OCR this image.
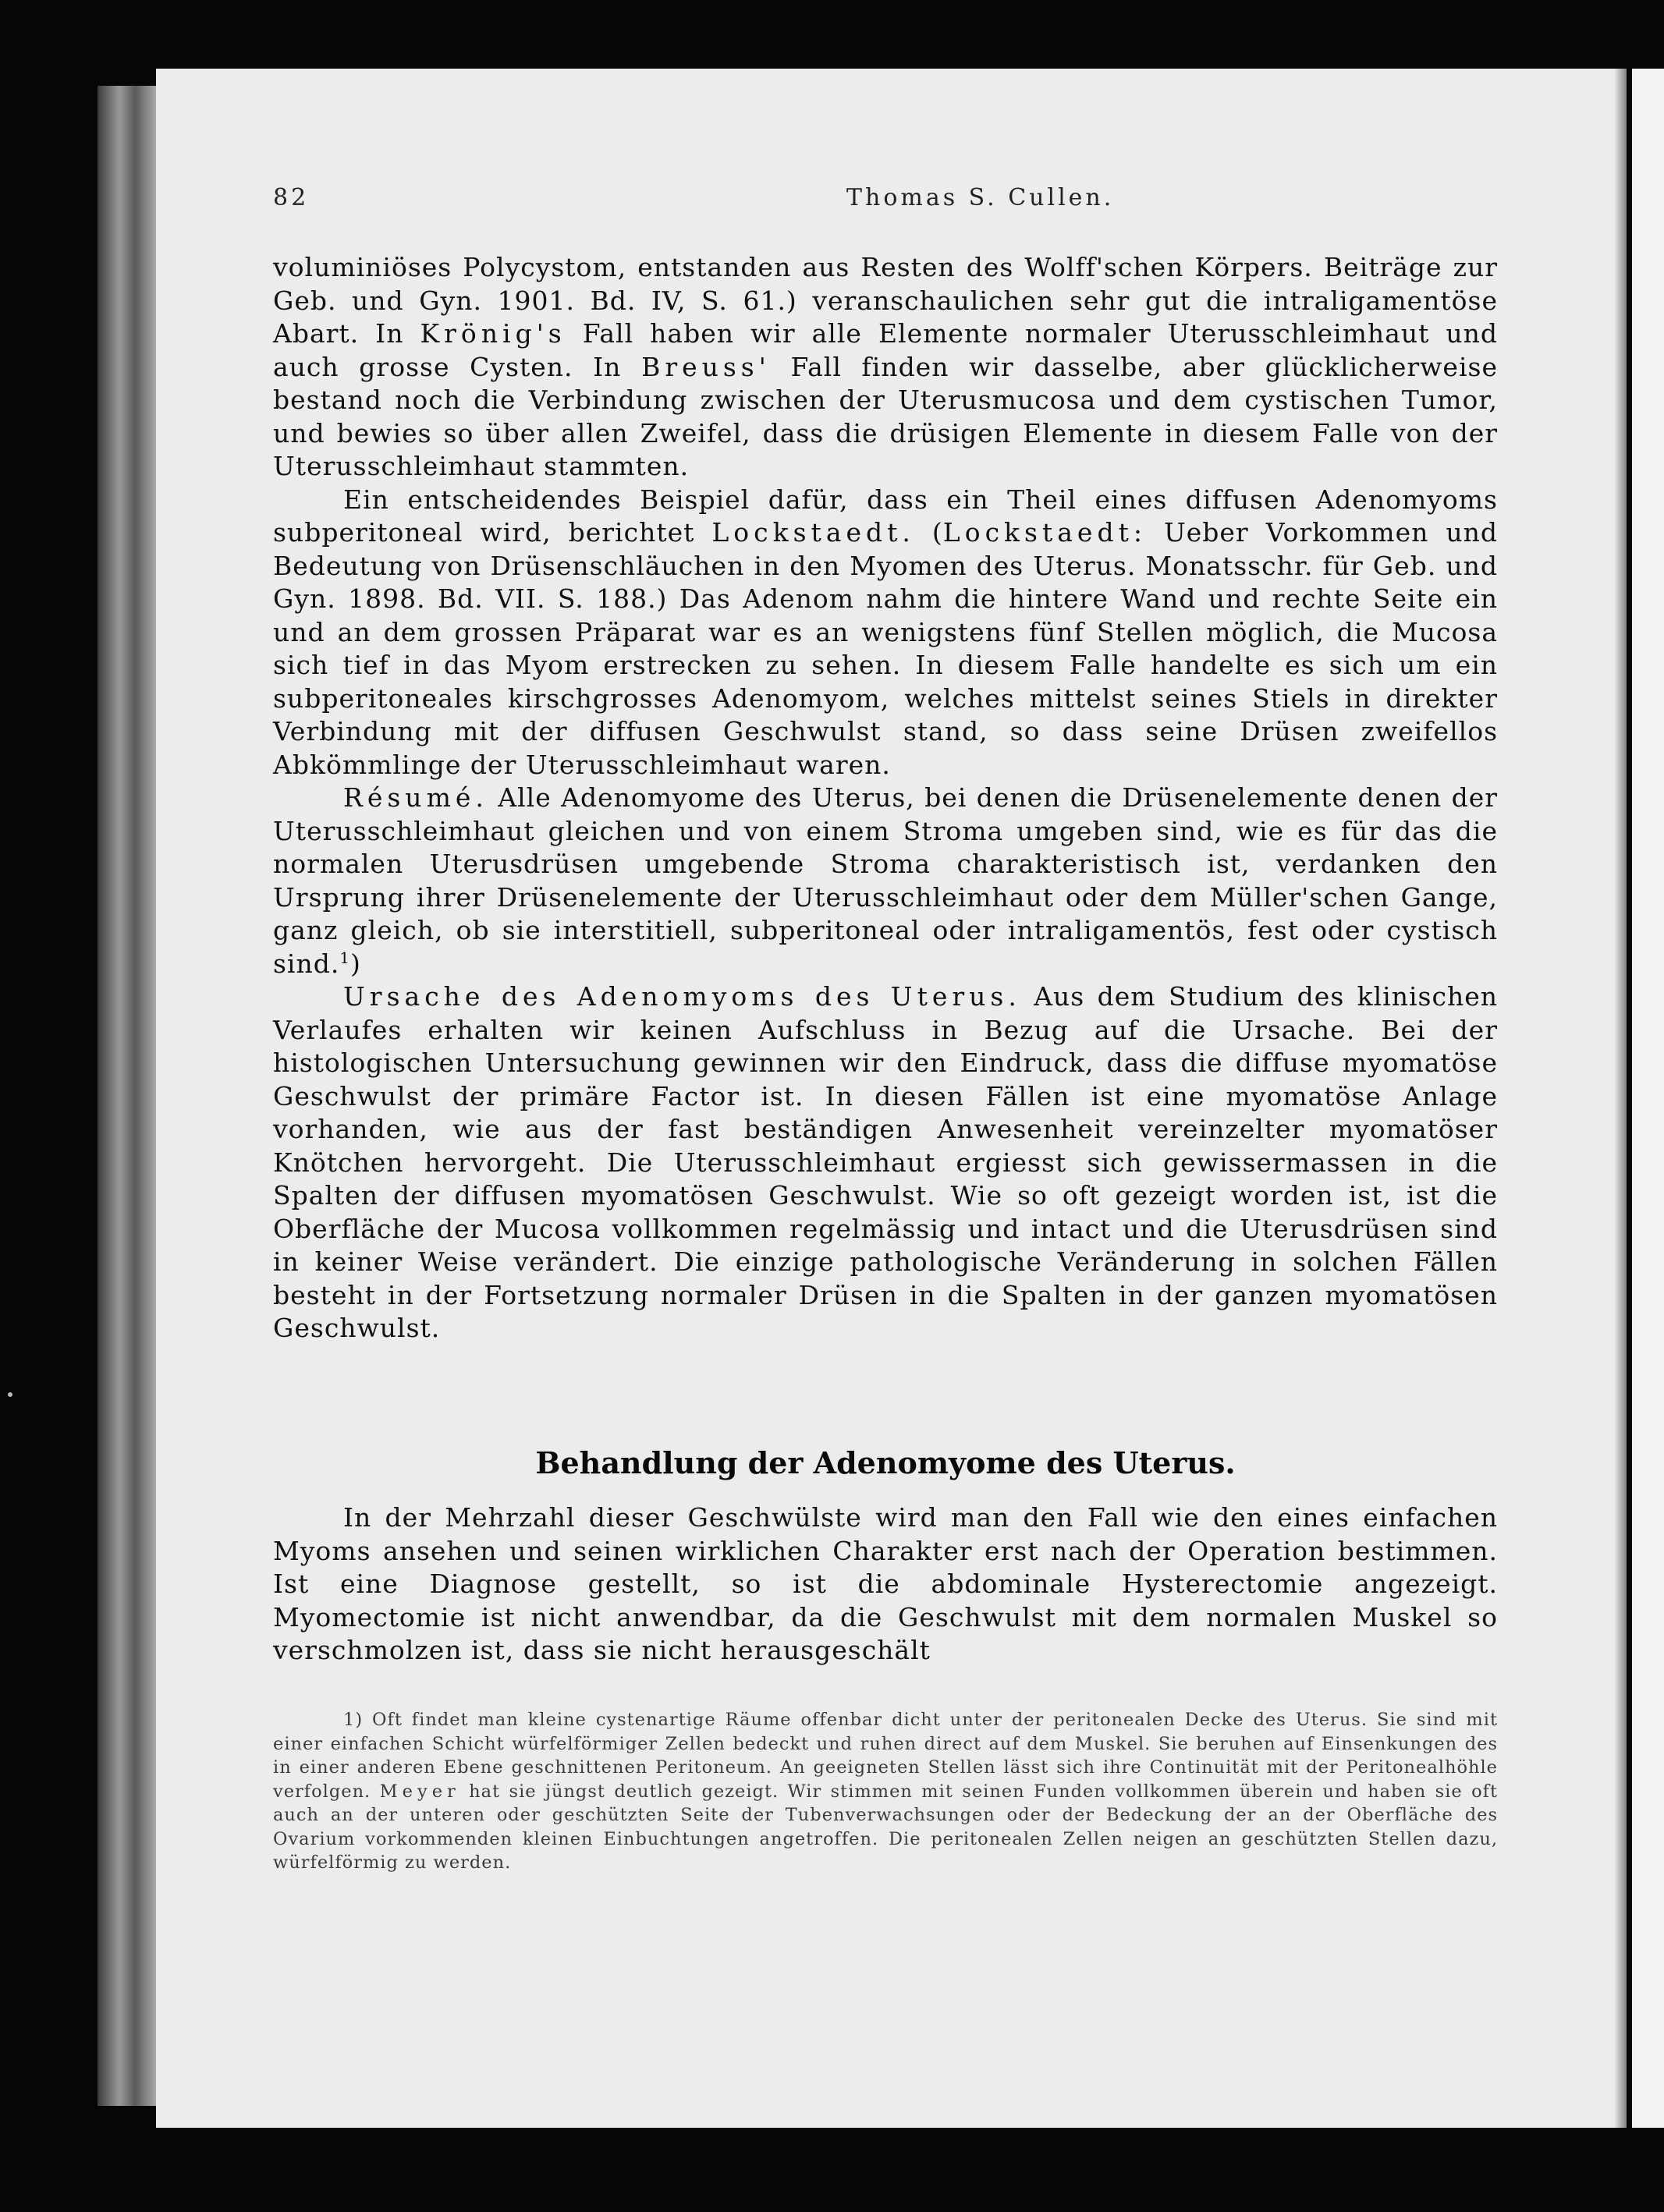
82	Thomas S. Cullen.

voluminiöses Polycystom, entstanden aus Resten des Wolff'schen Körpers. Beiträge zur Geb. und Gyn. 1901. Bd. IV, S. 61.) veranschaulichen sehr gut die intraligamentöse Abart. In Krönig's Fall haben wir alle Elemente normaler Uterusschleimhaut und auch grosse Cysten. In Breuss' Fall finden wir dasselbe, aber glücklicherweise bestand noch die Verbindung zwischen der Uterusmucosa und dem cystischen Tumor, und bewies so über allen Zweifel, dass die drüsigen Elemente in diesem Falle von der Uterusschleimhaut stammten.

Ein entscheidendes Beispiel dafür, dass ein Theil eines diffusen Adenomyoms subperitoneal wird, berichtet Lockstaedt. (Lockstaedt: Ueber Vorkommen und Bedeutung von Drüsenschläuchen in den Myomen des Uterus. Monatsschr. für Geb. und Gyn. 1898. Bd. VII. S. 188.) Das Adenom nahm die hintere Wand und rechte Seite ein und an dem grossen Präparat war es an wenigstens fünf Stellen möglich, die Mucosa sich tief in das Myom erstrecken zu sehen. In diesem Falle handelte es sich um ein subperitoneales kirschgrosses Adenomyom, welches mittelst seines Stiels in direkter Verbindung mit der diffusen Geschwulst stand, so dass seine Drüsen zweifellos Abkömmlinge der Uterusschleimhaut waren.

Résumé. Alle Adenomyome des Uterus, bei denen die Drüsenelemente denen der Uterusschleimhaut gleichen und von einem Stroma umgeben sind, wie es für das die normalen Uterusdrüsen umgebende Stroma charakteristisch ist, verdanken den Ursprung ihrer Drüsenelemente der Uterusschleimhaut oder dem Müller'schen Gange, ganz gleich, ob sie interstitiell, subperitoneal oder intraligamentös, fest oder cystisch sind.$^1$)

Ursache des Adenomyoms des Uterus. Aus dem Studium des klinischen Verlaufes erhalten wir keinen Aufschluss in Bezug auf die Ursache. Bei der histologischen Untersuchung gewinnen wir den Eindruck, dass die diffuse myomatöse Geschwulst der primäre Factor ist. In diesen Fällen ist eine myomatöse Anlage vorhanden, wie aus der fast beständigen Anwesenheit vereinzelter myomatöser Knötchen hervorgeht. Die Uterusschleimhaut ergiesst sich gewissermassen in die Spalten der diffusen myomatösen Geschwulst. Wie so oft gezeigt worden ist, ist die Oberfläche der Mucosa vollkommen regelmässig und intact und die Uterusdrüsen sind in keiner Weise verändert. Die einzige pathologische Veränderung in solchen Fällen besteht in der Fortsetzung normaler Drüsen in die Spalten in der ganzen myomatösen Geschwulst.

Behandlung der Adenomyome des Uterus.

In der Mehrzahl dieser Geschwülste wird man den Fall wie den eines einfachen Myoms ansehen und seinen wirklichen Charakter erst nach der Operation bestimmen. Ist eine Diagnose gestellt, so ist die abdominale Hysterectomie angezeigt. Myomectomie ist nicht anwendbar, da die Geschwulst mit dem normalen Muskel so verschmolzen ist, dass sie nicht herausgeschält

1) Oft findet man kleine cystenartige Räume offenbar dicht unter der peritonealen Decke des Uterus. Sie sind mit einer einfachen Schicht würfelförmiger Zellen bedeckt und ruhen direct auf dem Muskel. Sie beruhen auf Einsenkungen des in einer anderen Ebene geschnittenen Peritoneum. An geeigneten Stellen lässt sich ihre Continuität mit der Peritonealhöhle verfolgen. Meyer hat sie jüngst deutlich gezeigt. Wir stimmen mit seinen Funden vollkommen überein und haben sie oft auch an der unteren oder geschützten Seite der Tubenverwachsungen oder der Bedeckung der an der Oberfläche des Ovarium vorkommenden kleinen Einbuchtungen angetroffen. Die peritonealen Zellen neigen an geschützten Stellen dazu, würfelförmig zu werden.
